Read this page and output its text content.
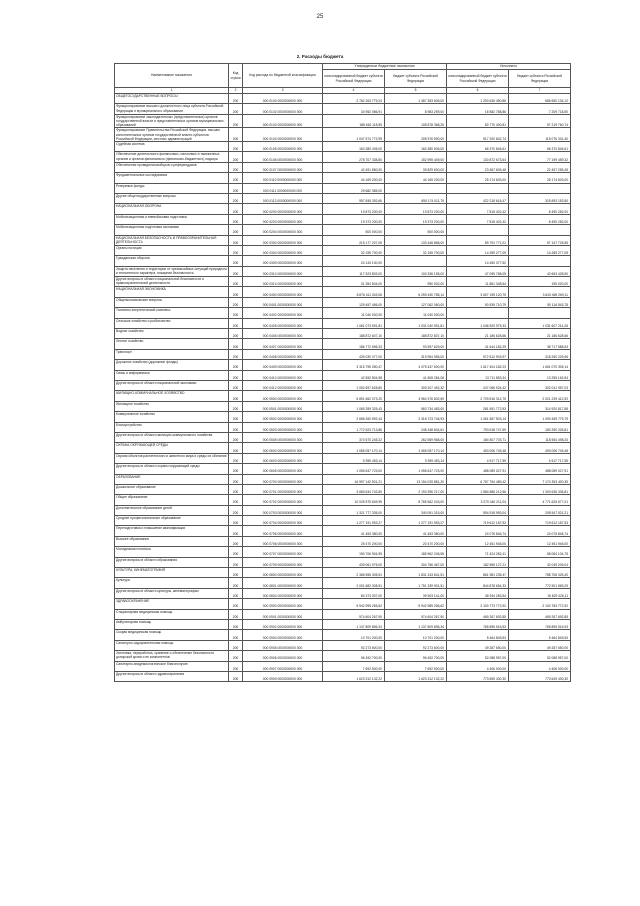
25
2. Расходы бюджета
Наименование показателя	Код строки	Код расхода по бюджетной классификации	Утвержденные бюджетные назначения		Исполнено	
			консолидированный бюджет субъекта Российской Федерации	бюджет субъекта Российской Федерации	консолидированный бюджет субъекта Российской Федерации	бюджет субъекта Российской Федерации
1	2	3	4	5	6	7
ОБЩЕГОСУДАРСТВЕННЫЕ ВОПРОСЫ	200	000 0100 0000000000 000	2 762 263 779,24	1 387 353 605,00	1 293 635 450,86	685 650 134,12
Функционирование высшего должностного лица субъекта Российской Федерации и муниципального образования	200	000 0102 0000000000 000	34 952 086,91	8 983 259,00	16 582 788,86	7 209 718,50
Функционирование законодательных (представительных) органов государственной власти и представительных органов муниципальных образований	200	000 0103 0000000000 000	188 616 118,55	108 878 368,25	80 770 400,81	57 219 760,74
Функционирование Правительства Российской Федерации, высших исполнительных органов государственной власти субъектов Российской Федерации, местных администраций	200	000 0104 0000000000 000	1 047 574 772,99	205 976 590,00	517 200 842,74	115 076 331,40
Судебная система	200	000 0105 0000000000 000	160 380 405,00	160 380 605,00	66 370 846,61	66 370 846,61
Обеспечение деятельности финансовых, налоговых и таможенных органов и органов финансового (финансово-бюджетного) надзора	200	000 0106 0000000000 000	278 707 338,80	152 995 449,00	130 872 673,64	77 199 459,32
Обеспечение проведения выборов и референдумов	200	000 0107 0000000000 000	42 491 850,00	39 829 600,00	23 467 605,48	22 457 255,45
Фундаментальные исследования	200	000 0110 0000000000 000	44 169 200,00	44 169 200,00	25 174 603,00	25 174 603,00
Резервные фонды	200	000 0111 0000000000 000	29 682 385,00			
Другие общегосударственные вопросы	200	000 0113 0000000000 000	957 845 392,66	655 174 011,75	422 218 616,47	315 893 153,50
НАЦИОНАЛЬНАЯ ОБОРОНА	200	000 0200 0000000000 000	19 873 200,00	19 873 200,00	7 815 402,42	8 490 282,00
Мобилизационная и вневойсковая подготовка	200	000 0203 0000000000 000	19 373 200,00	19 373 200,00	7 815 402,42	8 490 282,00
Мобилизационная подготовка экономики	200	000 0204 0000000000 000	500 000,00	500 000,00		
НАЦИОНАЛЬНАЯ БЕЗОПАСНОСТЬ И ПРАВООХРАНИТЕЛЬНАЯ ДЕЯТЕЛЬНОСТЬ	200	000 0300 0000000000 000	215 177 207,05	133 448 868,00	89 791 771,01	57 147 725,55
Органы юстиции	200	000 0304 0000000000 000	32 155 700,00	32 155 700,00	14 289 277,05	14 289 277,05
Гражданская оборона	200	000 0309 0000000000 000	24 143 100,00		14 450 377,52	
Защита населения и территории от чрезвычайных ситуаций природного и техногенного характера, пожарная безопасность	200	000 0310 0000000000 000	117 523 803,00	100 336 155,00	47 095 768,05	42 663 428,50
Другие вопросы в области национальной безопасности и правоохранительной деятельности	200	000 0314 0000000000 000	31 354 604,00	950 002,00	11 861 348,54	195 020,00
НАЦИОНАЛЬНАЯ ЭКОНОМИКА	200	000 0400 0000000000 000	6 876 411 043,06	6 259 430 785,14	3 607 195 120,75	3 643 469 269,11
Общеэкономические вопросы	200	000 0401 0000000000 000	129 457 456,00	127 062 060,00	50 539 710,79	50 116 543,78
Топливно-энергетический комплекс	200	000 0402 0000000000 000	11 040 000,00	11 040 000,00		
Сельское хозяйство и рыболовство	200	000 0405 0000000000 000	1 061 073 591,81	1 031 040 591,81	1 046 920 975,33	1 031 607 214,26
Водное хозяйство	200	000 0406 0000000000 000	188 872 607,10	188 872 807,10	21 186 628,66	21 186 628,66
Лесное хозяйство	200	000 0407 0000000000 000	186 772 696,33	93 597 629,00	41 644 182,29	38 717 588,53
Транспорт	200	000 0408 0000000000 000	439 030 077,00	319 954 955,00	572 512 903,97	318 250 225,96
Дорожное хозяйство (дорожные фонды)	200	000 0409 0000000000 000	3 315 795 050,47	4 075 437 600,00	1 617 404 182,23	1 661 070 305,14
Связь и информатика	200	000 0410 0000000000 000	42 552 804,58	41 808 284,08	13 711 853,34	13 255 162,54
Другие вопросы в области национальной экономики	200	000 0412 0000000000 000	1 052 697 628,80	309 207 492,32	247 066 924,42	302 041 957,03
ЖИЛИЩНО-КОММУНАЛЬНОЕ ХОЗЯЙСТВО	200	000 0500 0000000000 000	5 891 662 073,20	3 964 376 802,69	2 709 816 314,75	2 021 239 412,92
Жилищное хозяйство	200	000 0501 0000000000 000	1 065 359 325,43	563 734 483,00	281 591 772,93	314 920 817,58
Коммунальное хозяйство	200	000 0502 0000000000 000	2 656 260 592,43	2 318 723 745,93	1 061 567 503,14	1 050 459 779,79
Благоустройство	200	000 0503 0000000000 000	1 772 523 713,86	248 348 604,61	753 618 747,69	183 250 226,81
Другие вопросы в области жилищно-коммунального хозяйства	200	000 0505 0000000000 000	374 570 245,22	262 569 968,00	184 507 703,71	118 554 498,33
ОХРАНА ОКРУЖАЮЩЕЙ СРЕДЫ	200	000 0600 0000000000 000	1 065 057 170,14	1 065 057 170,14	493 006 745,48	493 006 745,48
Охрана объектов растительного и животного мира и среды их обитания	200	000 0603 0000000000 000	9 359 453,14	9 359 453,14	4 917 717,55	4 917 717,55
Другие вопросы в области охраны окружающей среды	200	000 0605 0000000000 000	1 055 647 723,00	1 055 647 723,00	488 089 027,91	488 089 027,91
ОБРАЗОВАНИЕ	200	000 0700 0000000000 000	16 997 142 501,21	13 154 025 881,20	6 757 754 489,42	7 174 393 400,35
Дошкольное образование	200	000 0701 0000000000 000	3 683 634 742,80	2 193 396 217,00	1 584 886 212,56	1 300 636 336,81
Общее образование	200	000 0702 0000000000 000	10 025 575 649,95	8 765 562 243,00	3 270 040 211,04	4 771 625 677,01
Дополнительное образование детей	200	000 0703 0000000000 000	1 321 777 335,00	340 091 315,00	594 918 953,04	208 547 521,21
Среднее профессиональное образование	200	000 0704 0000000000 000	1 277 191 953,27	1 277 191 953,27	719 612 187,53	719 612 187,53
Переподготовка и повышение квалификации	200	000 0705 0000000000 000	41 453 380,00	41 453 380,00	24 075 846,74	24 075 846,74
Высшее образование	200	000 0706 0000000000 000	25 470 200,00	20 470 200,00	12 451 946,00	12 451 946,00
Молодежная политика	200	000 0707 0000000000 000	190 706 904,99	185 962 245,55	71 424 282,41	68 064 104,75
Другие вопросы в области образования	200	000 0709 0000000000 000	439 061 975,00	304 756 467,00	182 555 127,21	42 049 205,04
КУЛЬТУРА, КИНЕМАТОГРАФИЯ	200	000 0800 0000000000 000	2 366 555 305,51	1 831 243 641,51	861 981 235,47	788 708 025,40
Культура	200	000 0801 0000000000 000	2 001 682 308,51	1 751 339 901,51	844 878 654,33	772 901 569,29
Другие вопросы в области культуры, кинематографии	200	000 0804 0000000000 000	84 373 007,00	39 903 141,00	36 934 283,54	15 829 426,11
ЗДРАВООХРАНЕНИЕ	200	000 0900 0000000000 000	5 942 995 265,62	5 942 985 265,62	2 100 773 772,92	2 100 783 772,92
Стационарная медицинская помощь	200	000 0901 0000000000 000	974 604 267,90	974 604 267,90	469 267 692,85	469 267 692,85
Амбулаторная помощь	200	000 0902 0000000000 000	1 137 809 896,34	1 137 809 896,34	765 895 516,93	765 895 516,93
Скорая медицинская помощь	200	000 0904 0000000000 000	10 701 200,00	10 701 200,00	5 464 849,53	5 464 849,53
Санаторно-оздоровительная помощь	200	000 0905 0000000000 000	92 273 600,00	92 273 600,00	49 287 650,00	49 287 650,00
Заготовка, переработка, хранение и обеспечение безопасности донорской крови и ее компонентов	200	000 0906 0000000000 000	96 492 700,00	96 492 700,00	52 088 957,00	52 088 957,00
Санитарно-эпидемиологическое благополучие	200	000 0907 0000000000 000	7 692 500,00	7 692 500,00	4 406 000,00	4 406 000,00
Другие вопросы в области здравоохранения	200	000 0909 0000000000 000	1 623 312 132,22	1 623 312 132,22	773 659 430,30	773 649 430,30
